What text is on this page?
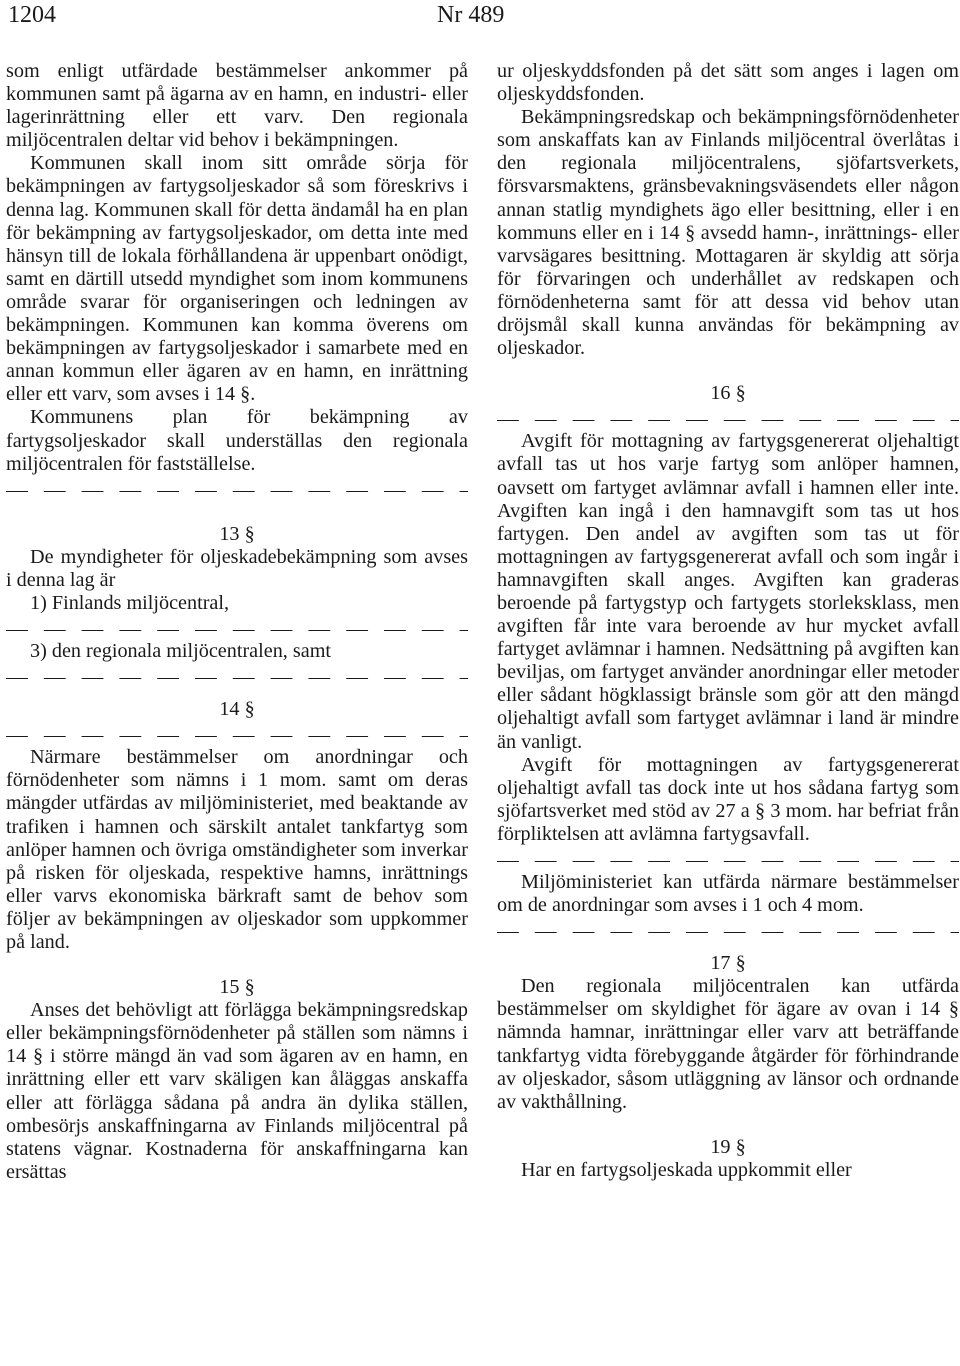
1204	Nr 489

som enligt utfärdade bestämmelser ankommer på kommunen samt på ägarna av en hamn, en industri- eller lagerinrättning eller ett varv. Den regionala miljöcentralen deltar vid behov i bekämpningen.

Kommunen skall inom sitt område sörja för bekämpningen av fartygsoljeskador så som föreskrivs i denna lag. Kommunen skall för detta ändamål ha en plan för bekämpning av fartygsoljeskador, om detta inte med hänsyn till de lokala förhållandena är uppenbart onödigt, samt en därtill utsedd myndighet som inom kommunens område svarar för organiseringen och ledningen av bekämpningen. Kommunen kan komma överens om bekämpningen av fartygsoljeskador i samarbete med en annan kommun eller ägaren av en hamn, en inrättning eller ett varv, som avses i 14 §.

Kommunens plan för bekämpning av fartygsoljeskador skall underställas den regionala miljöcentralen för fastställelse.

13 §

De myndigheter för oljeskadebekämpning som avses i denna lag är

1) Finlands miljöcentral,

3) den regionala miljöcentralen, samt

14 §

Närmare bestämmelser om anordningar och förnödenheter som nämns i 1 mom. samt om deras mängder utfärdas av miljöministeriet, med beaktande av trafiken i hamnen och särskilt antalet tankfartyg som anlöper hamnen och övriga omständigheter som inverkar på risken för oljeskada, respektive hamns, inrättnings eller varvs ekonomiska bärkraft samt de behov som följer av bekämpningen av oljeskador som uppkommer på land.

15 §

Anses det behövligt att förlägga bekämpningsredskap eller bekämpningsförnödenheter på ställen som nämns i 14 § i större mängd än vad som ägaren av en hamn, en inrättning eller ett varv skäligen kan åläggas anskaffa eller att förlägga sådana på andra än dylika ställen, ombesörjs anskaffningarna av Finlands miljöcentral på statens vägnar. Kostnaderna för anskaffningarna kan ersättas

ur oljeskyddsfonden på det sätt som anges i lagen om oljeskyddsfonden.

Bekämpningsredskap och bekämpningsförnödenheter som anskaffats kan av Finlands miljöcentral överlåtas i den regionala miljöcentralens, sjöfartsverkets, försvarsmaktens, gränsbevakningsväsendets eller någon annan statlig myndighets ägo eller besittning, eller i en kommuns eller en i 14 § avsedd hamn-, inrättnings- eller varvsägares besittning. Mottagaren är skyldig att sörja för förvaringen och underhållet av redskapen och förnödenheterna samt för att dessa vid behov utan dröjsmål skall kunna användas för bekämpning av oljeskador.

16 §

Avgift för mottagning av fartygsgenererat oljehaltigt avfall tas ut hos varje fartyg som anlöper hamnen, oavsett om fartyget avlämnar avfall i hamnen eller inte. Avgiften kan ingå i den hamnavgift som tas ut hos fartygen. Den andel av avgiften som tas ut för mottagningen av fartygsgenererat avfall och som ingår i hamnavgiften skall anges. Avgiften kan graderas beroende på fartygstyp och fartygets storleksklass, men avgiften får inte vara beroende av hur mycket avfall fartyget avlämnar i hamnen. Nedsättning på avgiften kan beviljas, om fartyget använder anordningar eller metoder eller sådant högklassigt bränsle som gör att den mängd oljehaltigt avfall som fartyget avlämnar i land är mindre än vanligt.

Avgift för mottagningen av fartygsgenererat oljehaltigt avfall tas dock inte ut hos sådana fartyg som sjöfartsverket med stöd av 27 a § 3 mom. har befriat från förpliktelsen att avlämna fartygsavfall.

Miljöministeriet kan utfärda närmare bestämmelser om de anordningar som avses i 1 och 4 mom.

17 §

Den regionala miljöcentralen kan utfärda bestämmelser om skyldighet för ägare av ovan i 14 § nämnda hamnar, inrättningar eller varv att beträffande tankfartyg vidta förebyggande åtgärder för förhindrande av oljeskador, såsom utläggning av länsor och ordnande av vakthållning.

19 §

Har en fartygsoljeskada uppkommit eller
